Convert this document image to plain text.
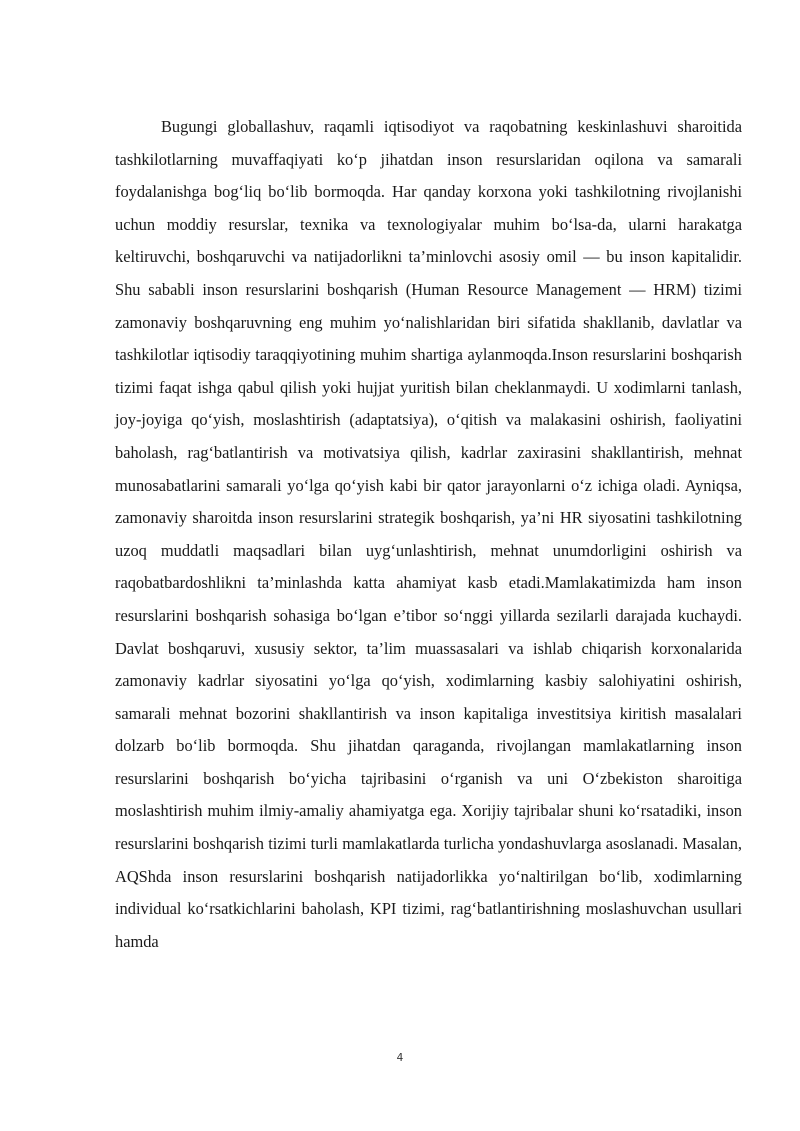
Bugungi globallashuv, raqamli iqtisodiyot va raqobatning keskinlashuvi sharoitida tashkilotlarning muvaffaqiyati ko‘p jihatdan inson resurslaridan oqilona va samarali foydalanishga bog‘liq bo‘lib bormoqda. Har qanday korxona yoki tashkilotning rivojlanishi uchun moddiy resurslar, texnika va texnologiyalar muhim bo‘lsa-da, ularni harakatga keltiruvchi, boshqaruvchi va natijadorlikni ta’minlovchi asosiy omil — bu inson kapitalidir. Shu sababli inson resurslarini boshqarish (Human Resource Management — HRM) tizimi zamonaviy boshqaruvning eng muhim yo‘nalishlaridan biri sifatida shakllanib, davlatlar va tashkilotlar iqtisodiy taraqqiyotining muhim shartiga aylanmoqda.Inson resurslarini boshqarish tizimi faqat ishga qabul qilish yoki hujjat yuritish bilan cheklanmaydi. U xodimlarni tanlash, joy-joyiga qo‘yish, moslashtirish (adaptatsiya), o‘qitish va malakasini oshirish, faoliyatini baholash, rag‘batlantirish va motivatsiya qilish, kadrlar zaxirasini shakllantirish, mehnat munosabatlarini samarali yo‘lga qo‘yish kabi bir qator jarayonlarni o‘z ichiga oladi. Ayniqsa, zamonaviy sharoitda inson resurslarini strategik boshqarish, ya’ni HR siyosatini tashkilotning uzoq muddatli maqsadlari bilan uyg‘unlashtirish, mehnat unumdorligini oshirish va raqobatbardoshlikni ta’minlashda katta ahamiyat kasb etadi.Mamlakatimizda ham inson resurslarini boshqarish sohasiga bo‘lgan e’tibor so‘nggi yillarda sezilarli darajada kuchaydi. Davlat boshqaruvi, xususiy sektor, ta’lim muassasalari va ishlab chiqarish korxonalarida zamonaviy kadrlar siyosatini yo‘lga qo‘yish, xodimlarning kasbiy salohiyatini oshirish, samarali mehnat bozorini shakllantirish va inson kapitaliga investitsiya kiritish masalalari dolzarb bo‘lib bormoqda. Shu jihatdan qaraganda, rivojlangan mamlakatlarning inson resurslarini boshqarish bo‘yicha tajribasini o‘rganish va uni O‘zbekiston sharoitiga moslashtirish muhim ilmiy-amaliy ahamiyatga ega. Xorijiy tajribalar shuni ko‘rsatadiki, inson resurslarini boshqarish tizimi turli mamlakatlarda turlicha yondashuvlarga asoslanadi. Masalan, AQShda inson resurslarini boshqarish natijadorlikka yo‘naltirilgan bo‘lib, xodimlarning individual ko‘rsatkichlarini baholash, KPI tizimi, rag‘batlantirishning moslashuvchan usullari hamda

4
